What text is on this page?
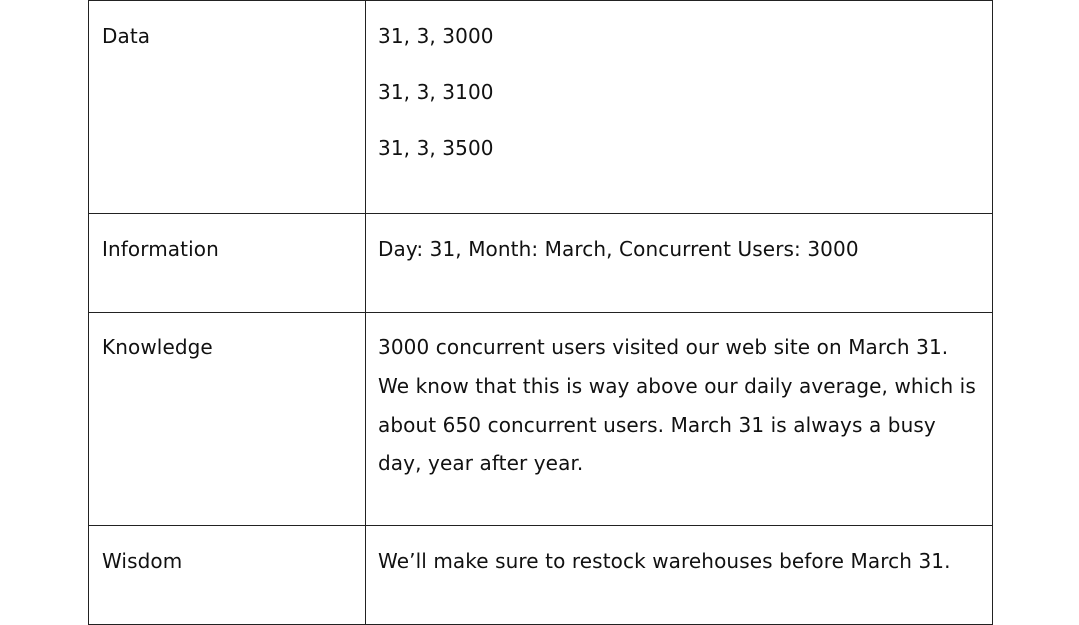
Data	31, 3, 3000
31, 3, 3100
31, 3, 3500

Information	Day: 31, Month: March, Concurrent Users: 3000

Knowledge	3000 concurrent users visited our web site on March 31. We know that this is way above our daily average, which is about 650 concurrent users. March 31 is always a busy day, year after year.

Wisdom	We’ll make sure to restock warehouses before March 31.
